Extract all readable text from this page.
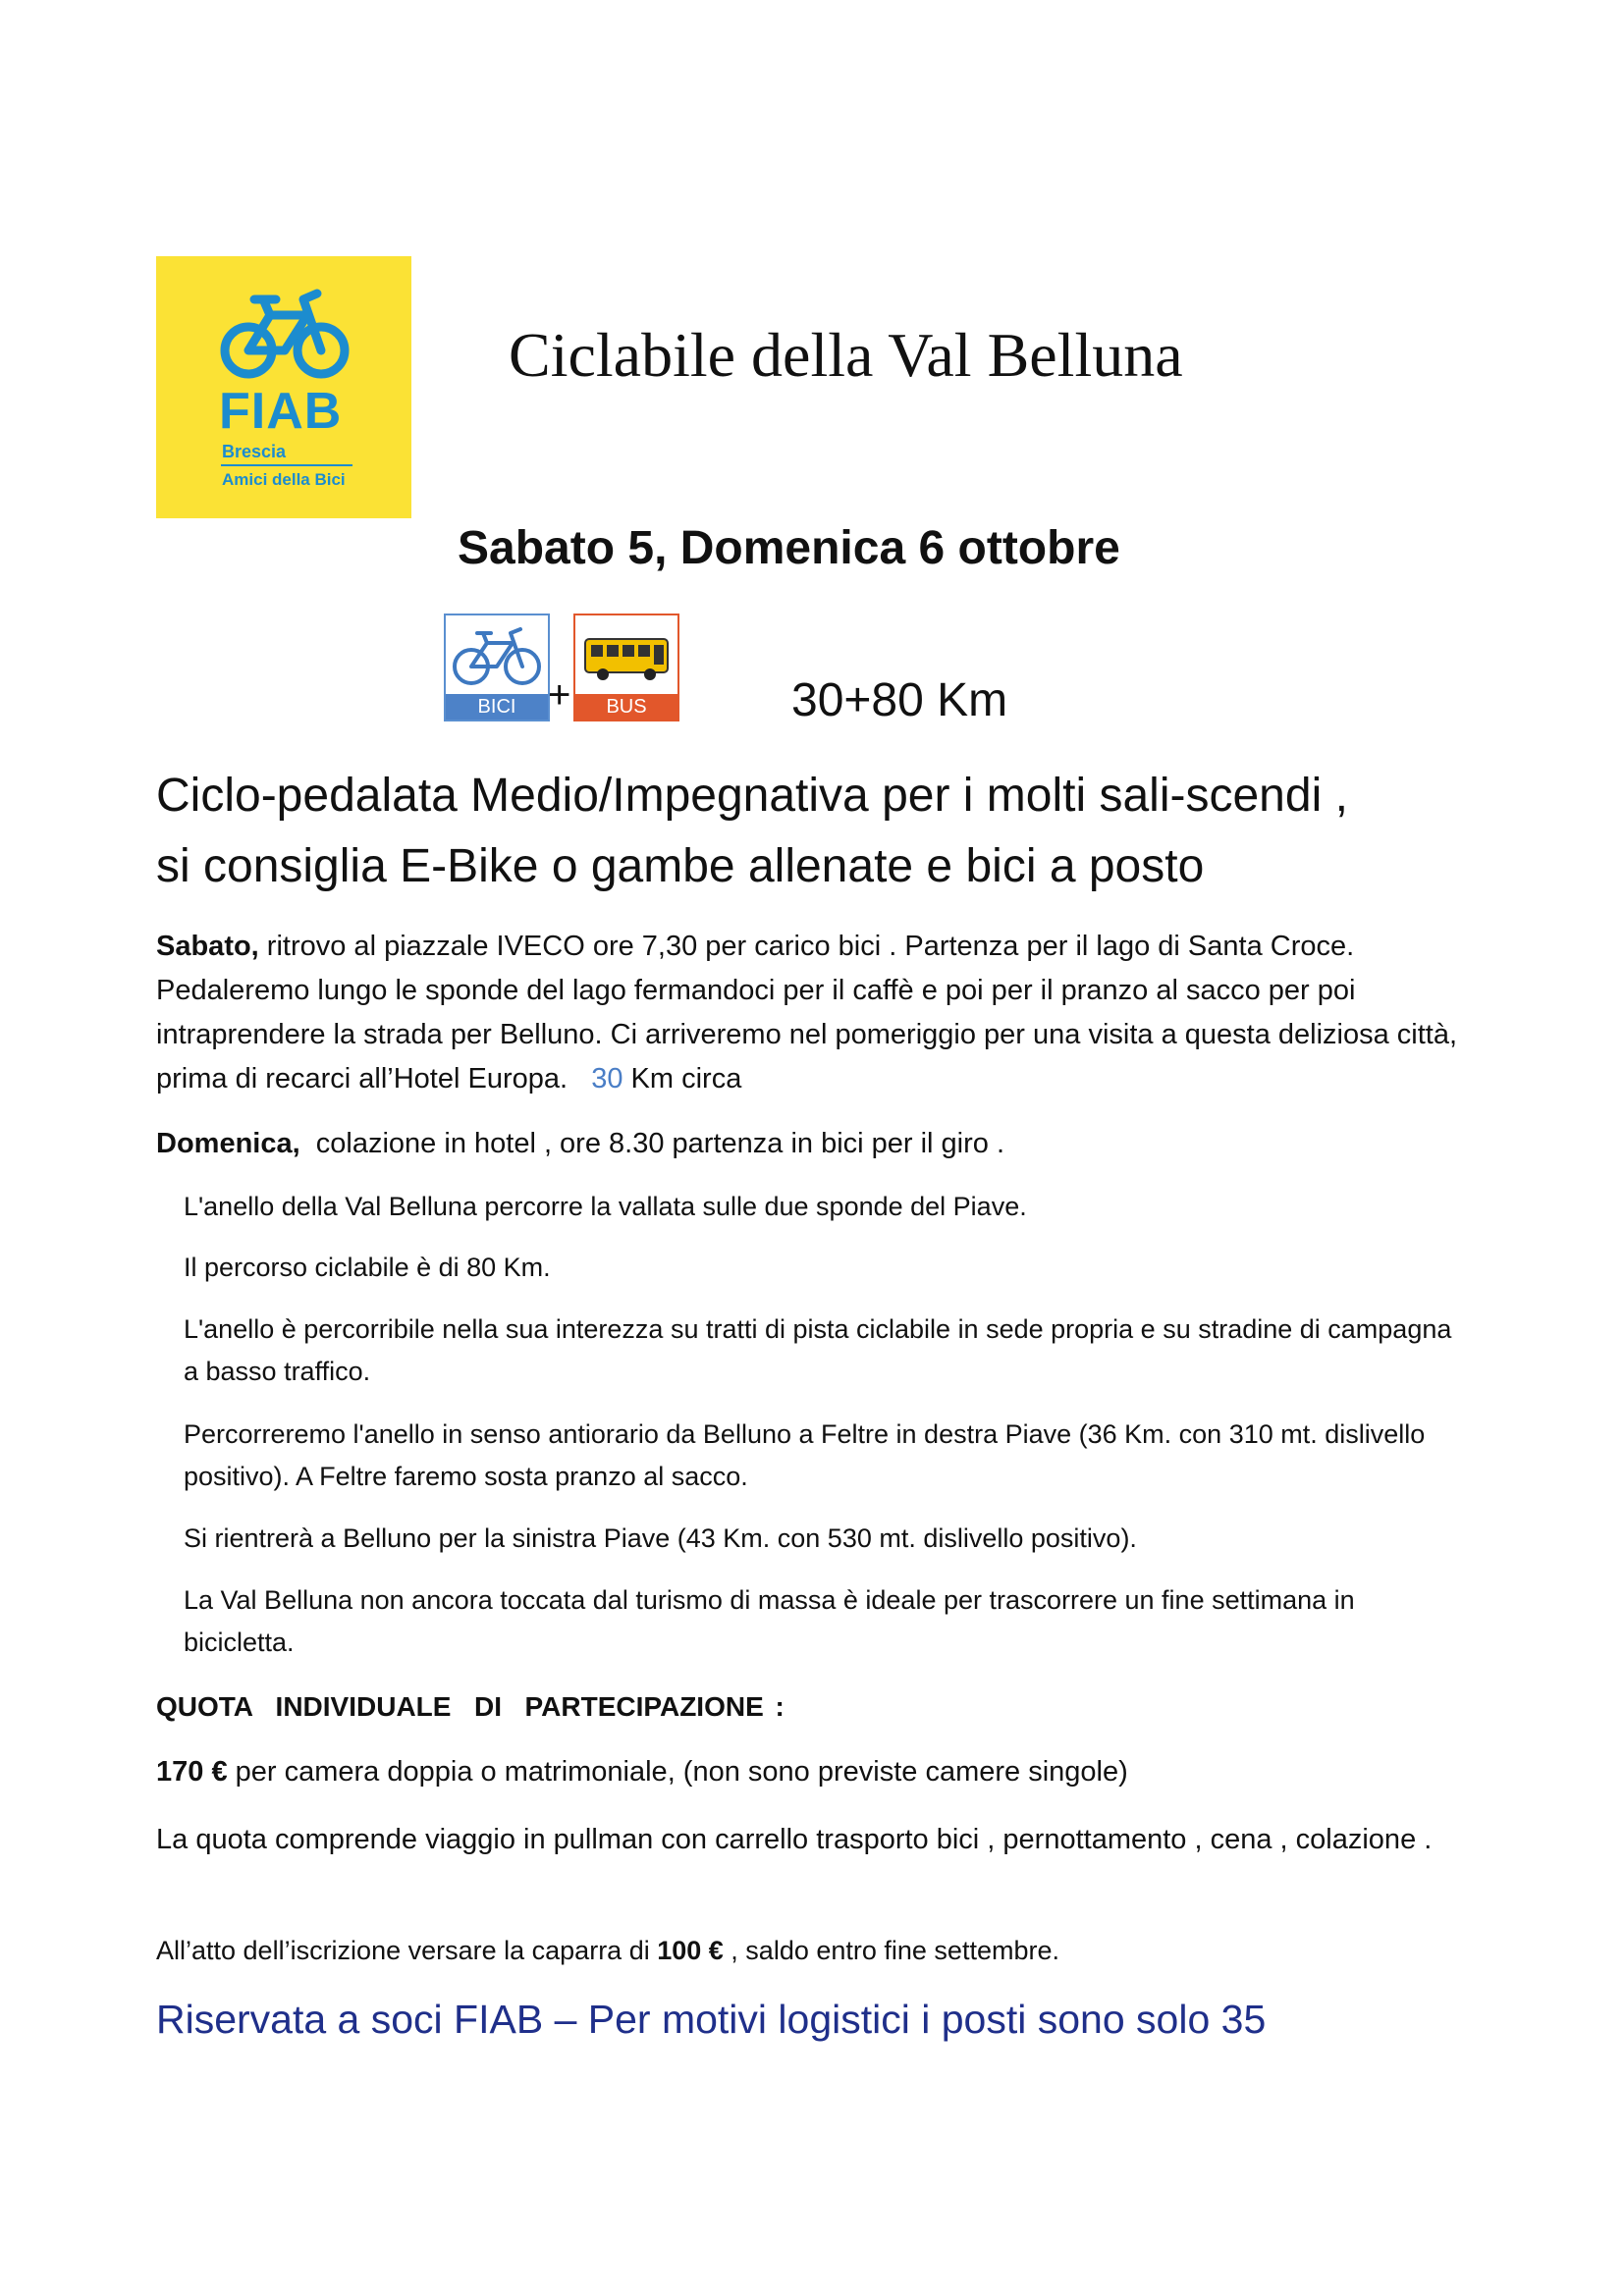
FIAB
Brescia
Amici della Bici
Ciclabile della Val Belluna
Sabato 5, Domenica 6 ottobre
BICI +	BUS	30+80 Km
Ciclo-pedalata Medio/Impegnativa per i molti sali-scendi ,
si consiglia E-Bike o gambe allenate e bici a posto
Sabato, ritrovo al piazzale IVECO ore 7,30 per carico bici . Partenza per il lago di Santa Croce. Pedaleremo lungo le sponde del lago fermandoci per il caffè e poi per il pranzo al sacco per poi intraprendere la strada per Belluno. Ci arriveremo nel pomeriggio per una visita a questa deliziosa città, prima di recarci all’Hotel Europa. 30 Km circa
Domenica,  colazione in hotel , ore 8.30 partenza in bici per il giro .
L'anello della Val Belluna percorre la vallata sulle due sponde del Piave.
Il percorso ciclabile è di 80 Km.
L'anello è percorribile nella sua interezza su tratti di pista ciclabile in sede propria e su stradine di campagna a basso traffico.
Percorreremo l'anello in senso antiorario da Belluno a Feltre in destra Piave (36 Km. con 310 mt. dislivello positivo). A Feltre faremo sosta pranzo al sacco.
Si rientrerà a Belluno per la sinistra Piave (43 Km. con 530 mt. dislivello positivo).
La Val Belluna non ancora toccata dal turismo di massa è ideale per trascorrere un fine settimana in bicicletta.
QUOTA  INDIVIDUALE  DI  PARTECIPAZIONE :
170 € per camera doppia o matrimoniale, (non sono previste camere singole)
La quota comprende viaggio in pullman con carrello trasporto bici , pernottamento , cena , colazione .
All’atto dell’iscrizione versare la caparra di 100 € , saldo entro fine settembre.
Riservata a soci FIAB – Per motivi logistici i posti sono solo 35
